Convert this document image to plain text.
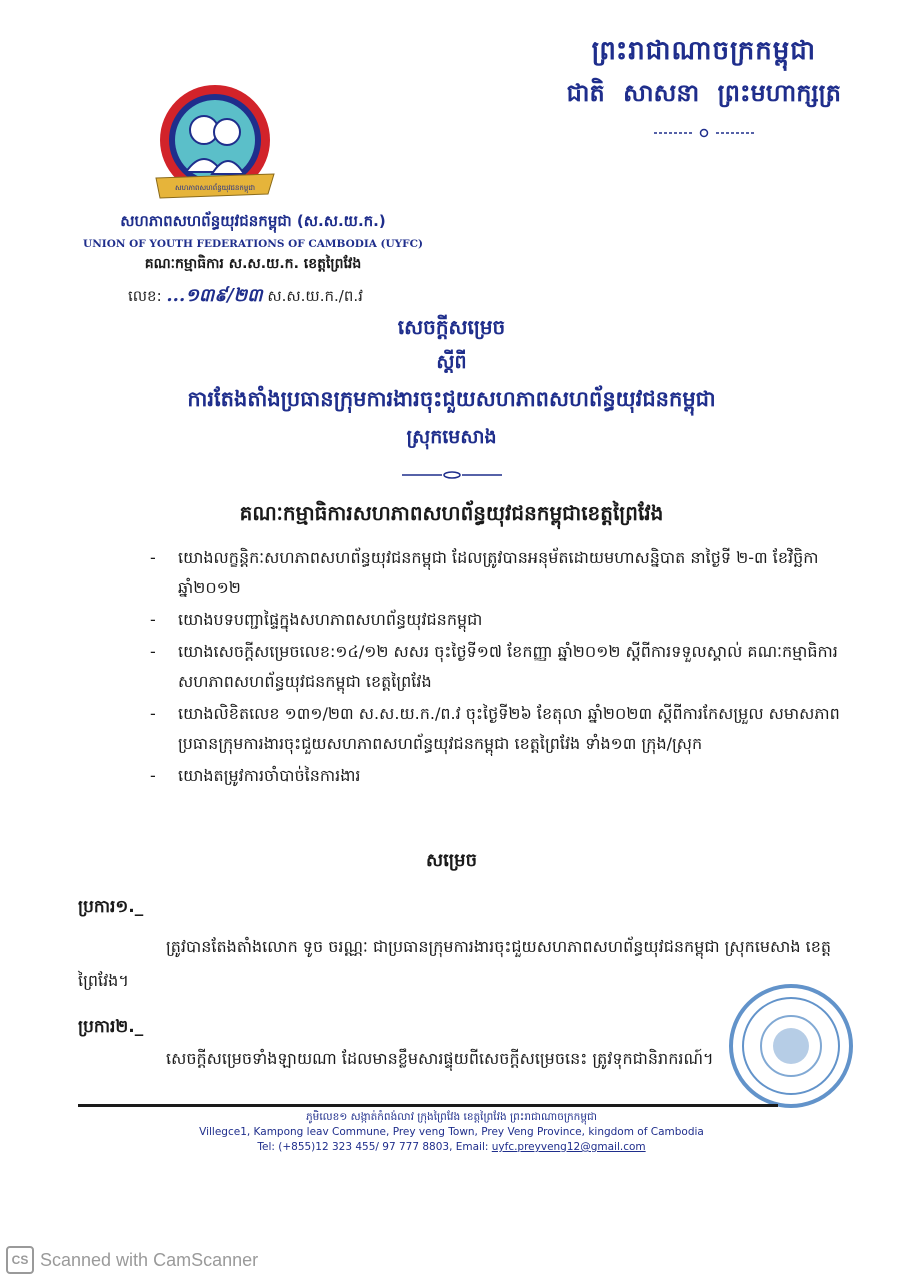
ព្រះរាជាណាចក្រកម្ពុជា
ជាតិ សាសនា ព្រះមហាក្សត្រ
សហភាពសហព័ន្ធយុវជនកម្ពុជា
សហភាពសហព័ន្ធយុវជនកម្ពុជា (ស.ស.យ.ក.)
UNION OF YOUTH FEDERATIONS OF CAMBODIA (UYFC)
គណៈកម្មាធិការ ស.ស.យ.ក. ខេត្តព្រៃវែង
លេខ: ...១៣៩/២៣ ស.ស.យ.ក./ព.វ
សេចក្ដីសម្រេច
ស្ដីពី
ការតែងតាំងប្រធានក្រុមការងារចុះជួយសហភាពសហព័ន្ធយុវជនកម្ពុជា
ស្រុកមេសាង
គណៈកម្មាធិការសហភាពសហព័ន្ធយុវជនកម្ពុជាខេត្តព្រៃវែង
- យោងលក្ខន្តិកៈសហភាពសហព័ន្ធយុវជនកម្ពុជា ដែលត្រូវបានអនុម័តដោយមហាសន្និបាត នាថ្ងៃទី ២-៣ ខែវិច្ឆិកា ឆ្នាំ២០១២
- យោងបទបញ្ជាផ្ទៃក្នុងសហភាពសហព័ន្ធយុវជនកម្ពុជា
- យោងសេចក្ដីសម្រេចលេខ:១៤/១២ សសរ ចុះថ្ងៃទី១៧ ខែកញ្ញា ឆ្នាំ២០១២ ស្ដីពីការទទួលស្គាល់ គណៈកម្មាធិការសហភាពសហព័ន្ធយុវជនកម្ពុជា ខេត្តព្រៃវែង
- យោងលិខិតលេខ ១៣១/២៣ ស.ស.យ.ក./ព.វ ចុះថ្ងៃទី២៦ ខែតុលា ឆ្នាំ២០២៣ ស្ដីពីការកែសម្រួល សមាសភាពប្រធានក្រុមការងារចុះជួយសហភាពសហព័ន្ធយុវជនកម្ពុជា ខេត្តព្រៃវែង ទាំង១៣ ក្រុង/ស្រុក
- យោងតម្រូវការចាំបាច់នៃការងារ
សម្រេច
ប្រការ១._
ត្រូវបានតែងតាំងលោក ទូច ចរណ្ណៈ ជាប្រធានក្រុមការងារចុះជួយសហភាពសហព័ន្ធយុវជនកម្ពុជា ស្រុកមេសាង ខេត្តព្រៃវែង។
ប្រការ២._
សេចក្ដីសម្រេចទាំងឡាយណា ដែលមានខ្លឹមសារផ្ទុយពីសេចក្ដីសម្រេចនេះ ត្រូវទុកជានិរាករណ៍។
ភូមិលេខ១ សង្កាត់កំពង់លាវ ក្រុងព្រៃវែង ខេត្តព្រៃវែង ព្រះរាជាណាចក្រកម្ពុជា
Villegce1, Kampong leav Commune, Prey veng Town, Prey Veng Province, kingdom of Cambodia
Tel: (+855)12 323 455/ 97 777 8803, Email: uyfc.preyveng12@gmail.com
CS Scanned with CamScanner
